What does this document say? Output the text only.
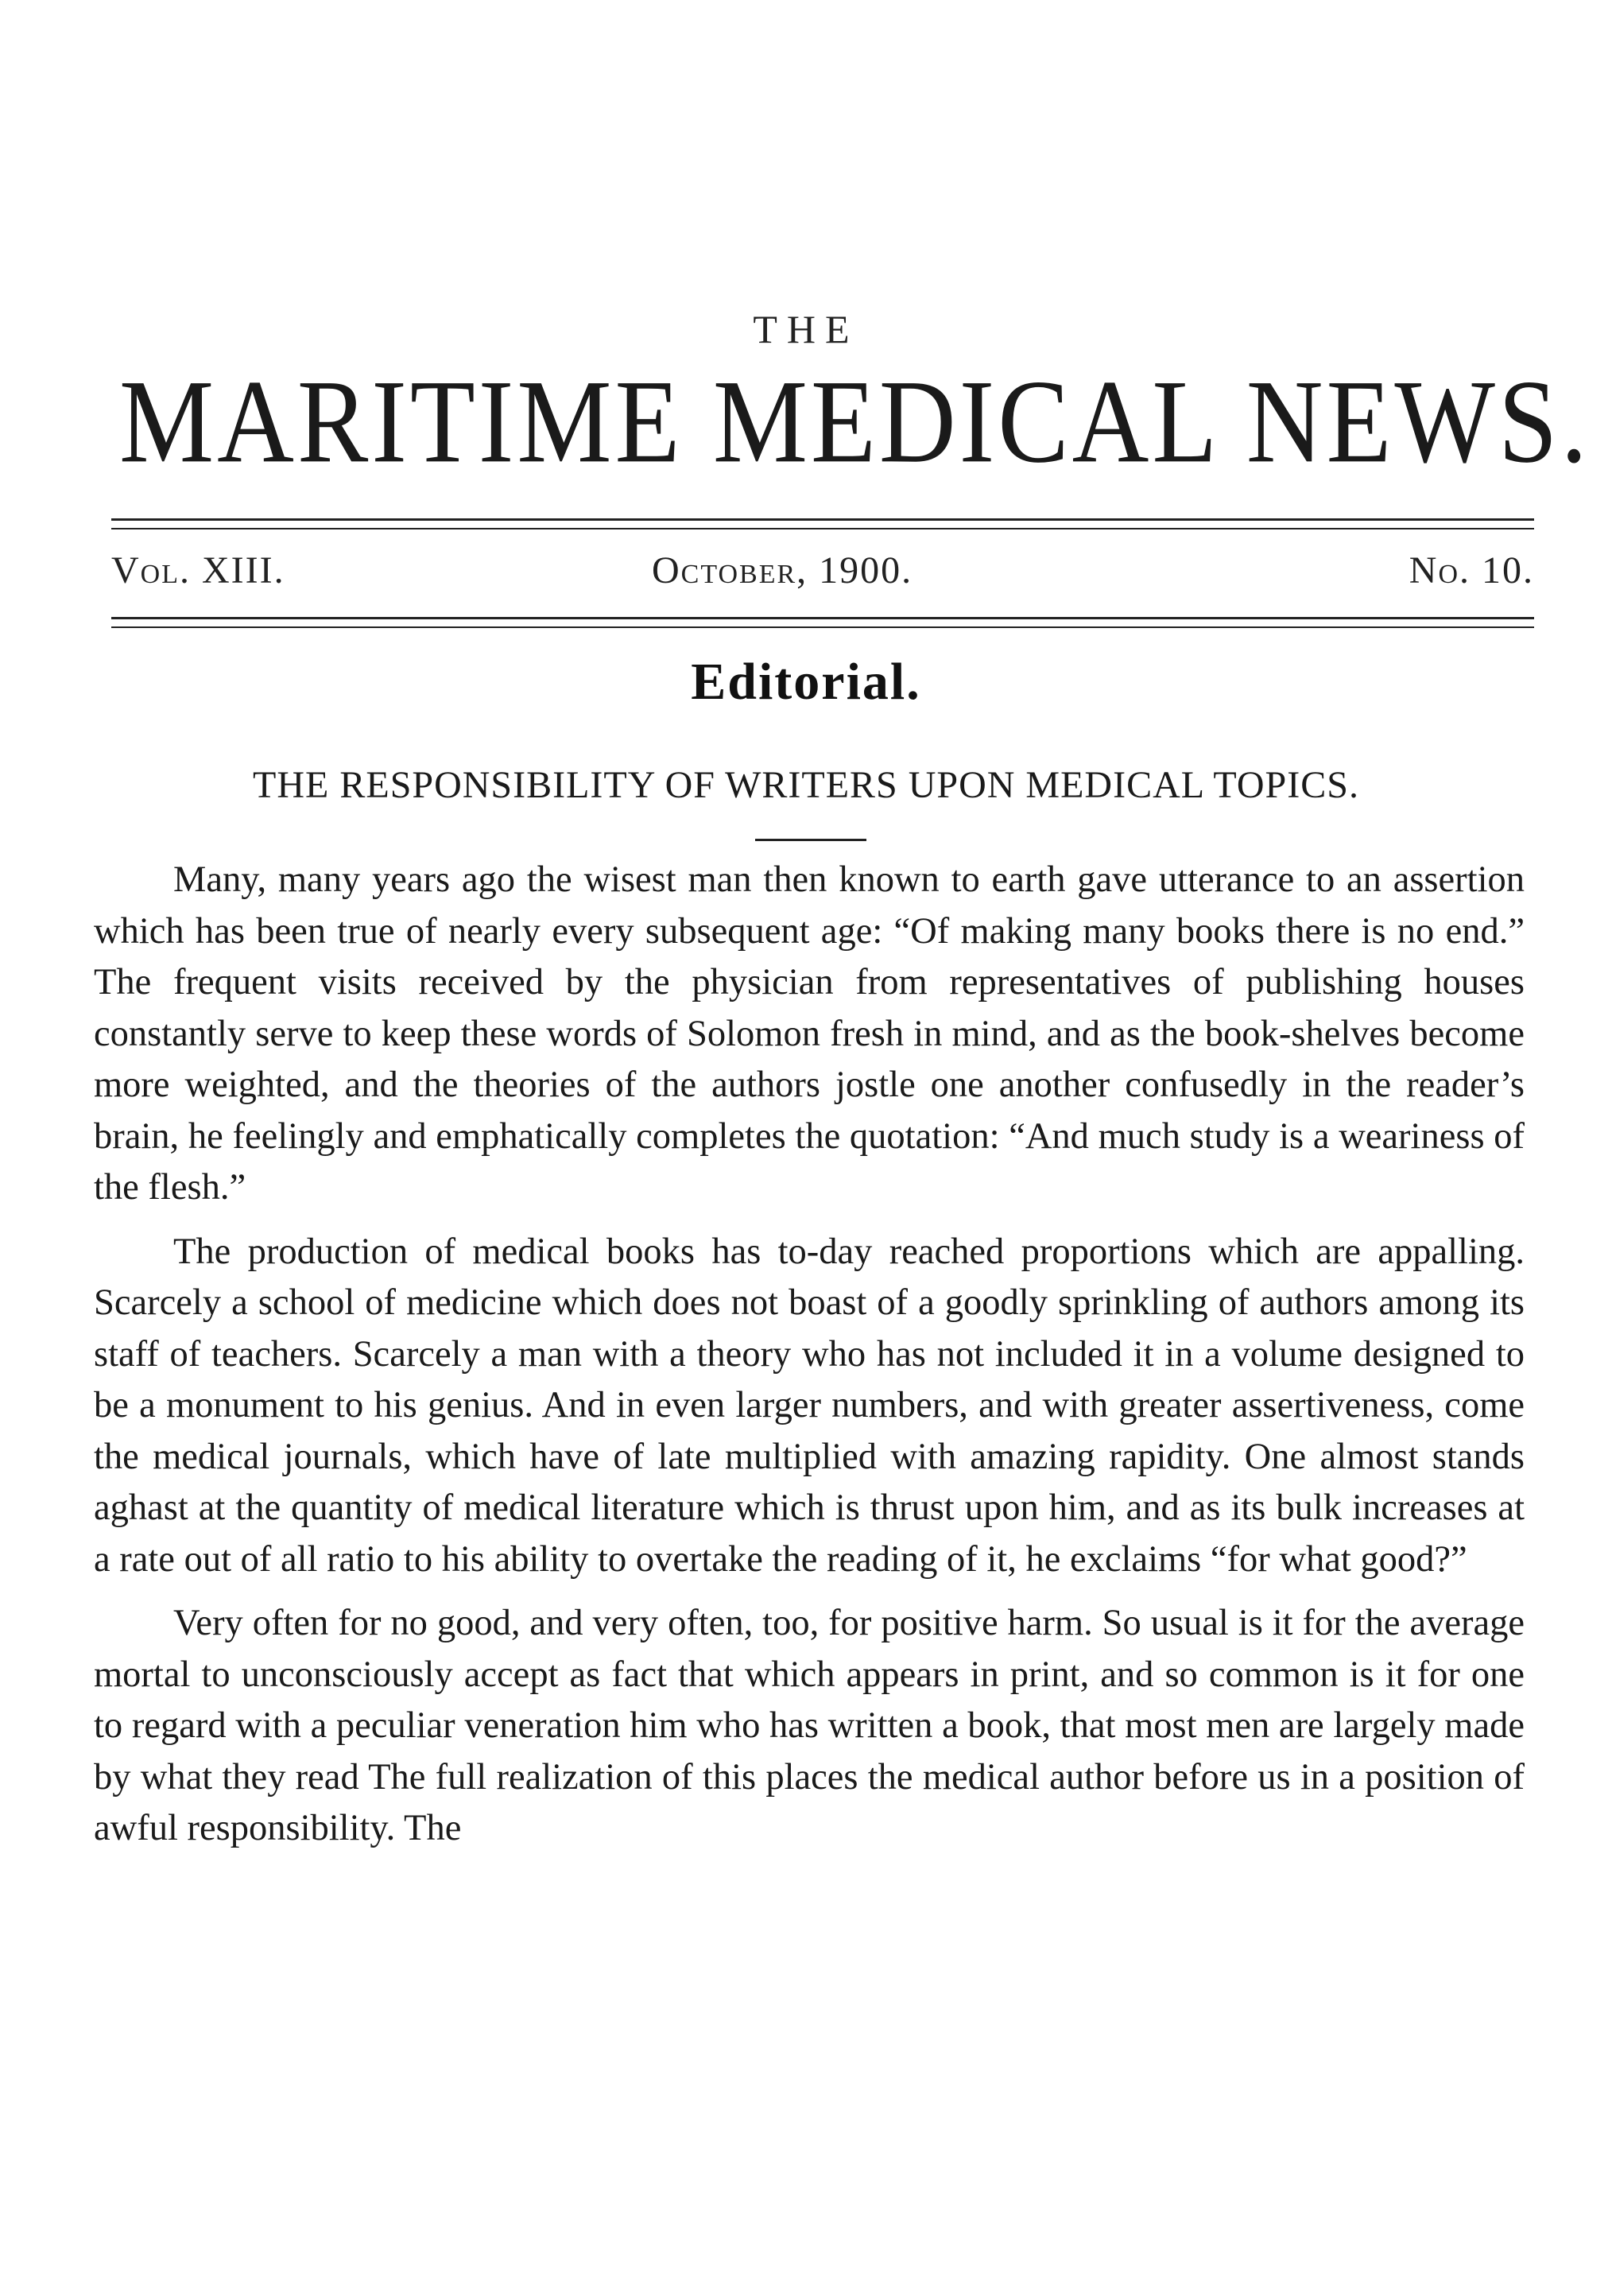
THE
MARITIME MEDICAL NEWS.
Vol. XIII.	October, 1900.	No. 10.
Editorial.
THE RESPONSIBILITY OF WRITERS UPON MEDICAL TOPICS.

Many, many years ago the wisest man then known to earth gave utterance to an assertion which has been true of nearly every subsequent age: “Of making many books there is no end.” The frequent visits received by the physician from representatives of publishing houses constantly serve to keep these words of Solomon fresh in mind, and as the book-shelves become more weighted, and the theories of the authors jostle one another confusedly in the reader’s brain, he feelingly and emphatically completes the quotation: “And much study is a weariness of the flesh.”

The production of medical books has to-day reached proportions which are appalling. Scarcely a school of medicine which does not boast of a goodly sprinkling of authors among its staff of teachers. Scarcely a man with a theory who has not included it in a volume designed to be a monument to his genius. And in even larger numbers, and with greater assertiveness, come the medical journals, which have of late multiplied with amazing rapidity. One almost stands aghast at the quantity of medical literature which is thrust upon him, and as its bulk increases at a rate out of all ratio to his ability to overtake the reading of it, he exclaims “for what good?”

Very often for no good, and very often, too, for positive harm. So usual is it for the average mortal to unconsciously accept as fact that which appears in print, and so common is it for one to regard with a peculiar veneration him who has written a book, that most men are largely made by what they read The full realization of this places the medical author before us in a position of awful responsibility. The
